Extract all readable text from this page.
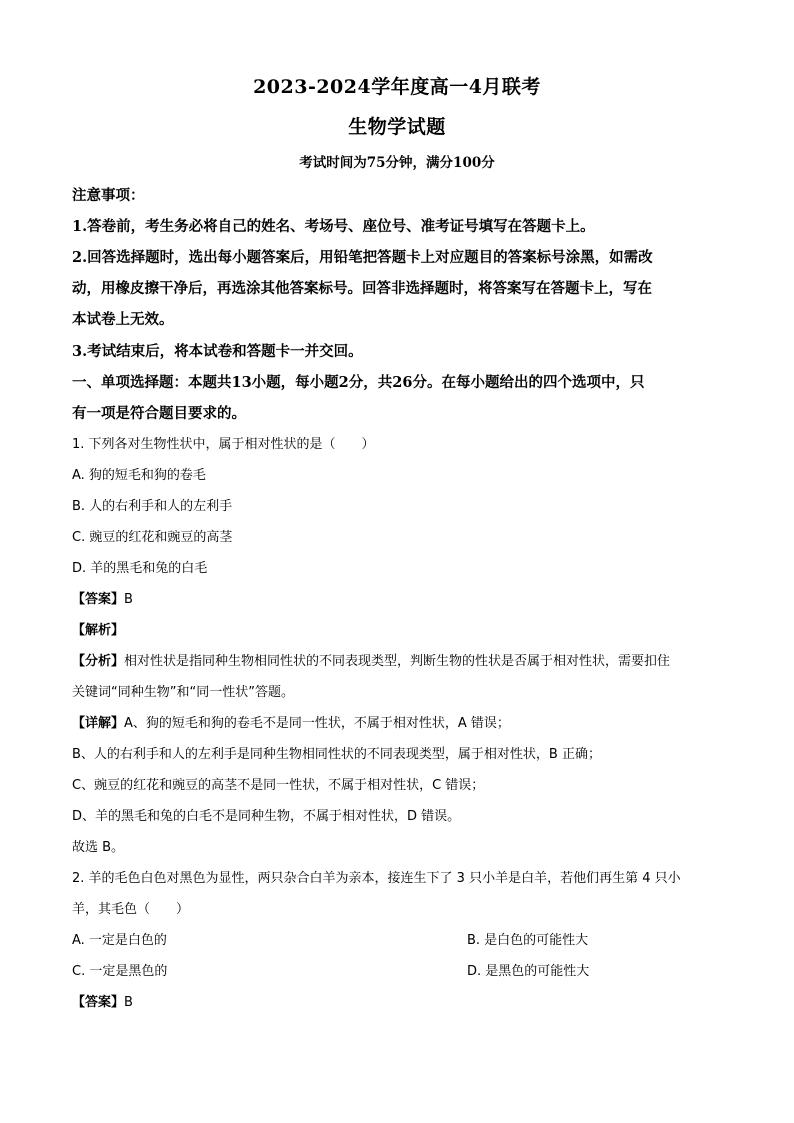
2023-2024学年度高一4月联考
生物学试题
考试时间为75分钟，满分100分
注意事项：
1.答卷前，考生务必将自己的姓名、考场号、座位号、准考证号填写在答题卡上。
2.回答选择题时，选出每小题答案后，用铅笔把答题卡上对应题目的答案标号涂黑，如需改
动，用橡皮擦干净后，再选涂其他答案标号。回答非选择题时，将答案写在答题卡上，写在
本试卷上无效。
3.考试结束后，将本试卷和答题卡一并交回。
一、单项选择题：本题共13小题，每小题2分，共26分。在每小题给出的四个选项中，只
有一项是符合题目要求的。
1. 下列各对生物性状中，属于相对性状的是（　　）
A. 狗的短毛和狗的卷毛
B. 人的右利手和人的左利手
C. 豌豆的红花和豌豆的高茎
D. 羊的黑毛和兔的白毛
【答案】B
【解析】
【分析】相对性状是指同种生物相同性状的不同表现类型，判断生物的性状是否属于相对性状，需要扣住
关键词“同种生物”和“同一性状”答题。
【详解】A、狗的短毛和狗的卷毛不是同一性状，不属于相对性状，A 错误；
B、人的右利手和人的左利手是同种生物相同性状的不同表现类型，属于相对性状，B 正确；
C、豌豆的红花和豌豆的高茎不是同一性状，不属于相对性状，C 错误；
D、羊的黑毛和兔的白毛不是同种生物，不属于相对性状，D 错误。
故选 B。
2. 羊的毛色白色对黑色为显性，两只杂合白羊为亲本，接连生下了 3 只小羊是白羊，若他们再生第 4 只小
羊，其毛色（　　）
A. 一定是白色的	B. 是白色的可能性大
C. 一定是黑色的	D. 是黑色的可能性大
【答案】B
